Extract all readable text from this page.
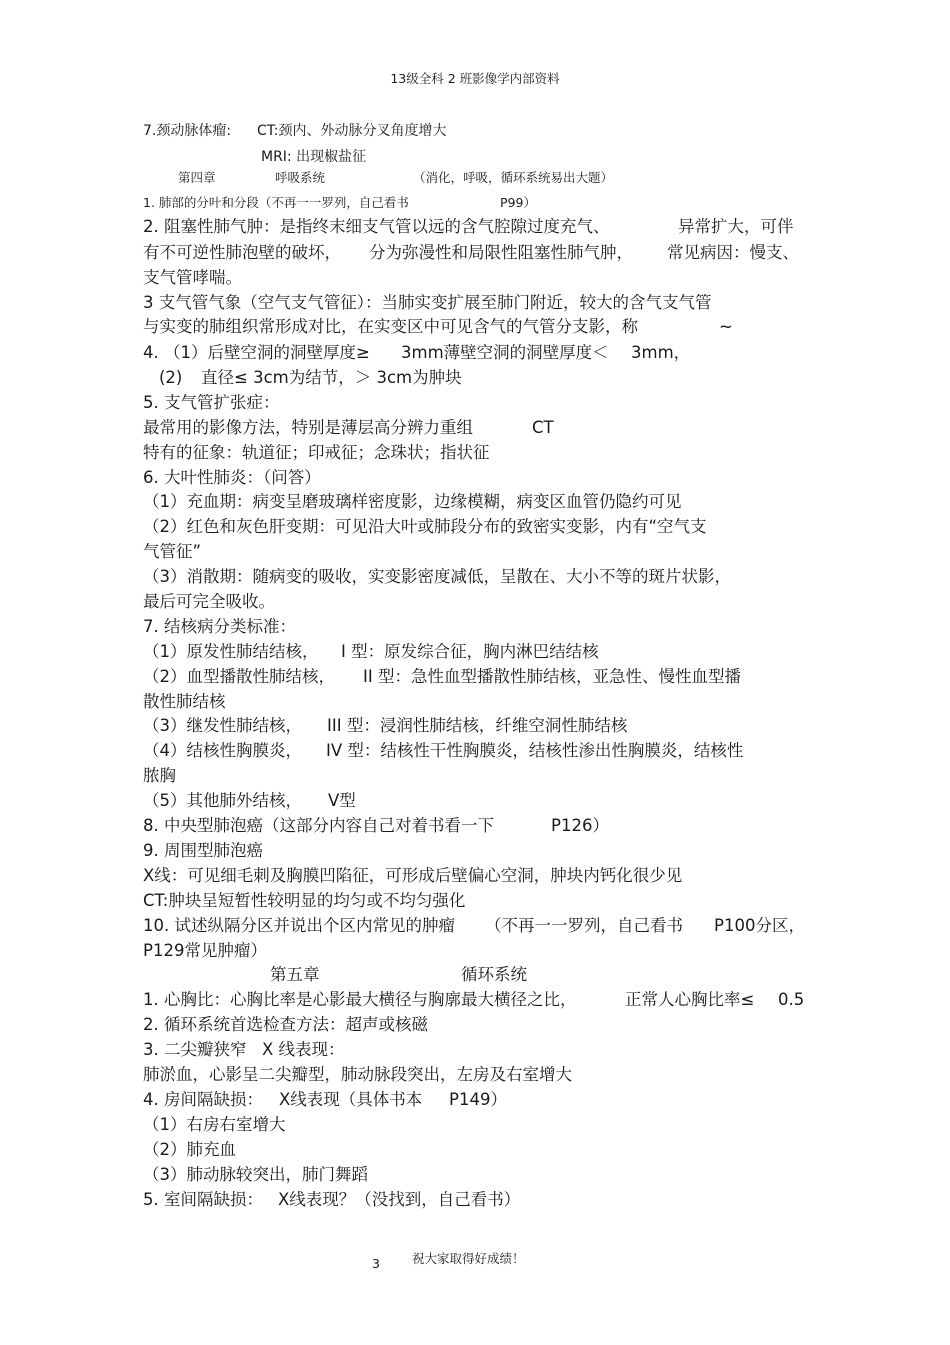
13级全科 2 班影像学内部资料
7.颈动脉体瘤: CT:颈内、外动脉分叉角度增大
MRI: 出现椒盐征
第四章	呼吸系统	（消化，呼吸，循环系统易出大题）
1. 肺部的分叶和分段（不再一一罗列，自己看书	P99）
2. 阻塞性肺气肿：是指终末细支气管以远的含气腔隙过度充气、	异常扩大，可伴
有不可逆性肺泡壁的破坏， 分为弥漫性和局限性阻塞性肺气肿， 常见病因：慢支、
支气管哮喘。
3 支气管气象（空气支气管征）：当肺实变扩展至肺门附近，较大的含气支气管
与实变的肺组织常形成对比，在实变区中可见含气的气管分支影，称	~
4. （1）后壁空洞的洞壁厚度≥ 3mm薄壁空洞的洞壁厚度＜ 3mm，
(2) 直径≤ 3cm为结节，＞ 3cm为肿块
5. 支气管扩张症：
最常用的影像方法，特别是薄层高分辨力重组	CT
特有的征象：轨道征；印戒征；念珠状；指状征
6. 大叶性肺炎：（问答）
（1）充血期：病变呈磨玻璃样密度影，边缘模糊，病变区血管仍隐约可见
（2）红色和灰色肝变期：可见沿大叶或肺段分布的致密实变影，内有“空气支
气管征”
（3）消散期：随病变的吸收，实变影密度减低，呈散在、大小不等的斑片状影，
最后可完全吸收。
7. 结核病分类标准：
（1）原发性肺结结核， I 型：原发综合征，胸内淋巴结结核
（2）血型播散性肺结核， II 型：急性血型播散性肺结核，亚急性、慢性血型播
散性肺结核
（3）继发性肺结核， III 型：浸润性肺结核，纤维空洞性肺结核
（4）结核性胸膜炎， IV 型：结核性干性胸膜炎，结核性渗出性胸膜炎，结核性
脓胸
（5）其他肺外结核， V型
8. 中央型肺泡癌（这部分内容自己对着书看一下	P126）
9. 周围型肺泡癌
X线：可见细毛刺及胸膜凹陷征，可形成后壁偏心空洞，肿块内钙化很少见
CT:肿块呈短暂性较明显的均匀或不均匀强化
10. 试述纵隔分区并说出个区内常见的肿瘤 （不再一一罗列，自己看书 P100分区，
P129常见肿瘤）
第五章	循环系统
1. 心胸比：心胸比率是心影最大横径与胸廓最大横径之比，	正常人心胸比率≤ 0.5
2. 循环系统首选检查方法：超声或核磁
3. 二尖瓣狭窄 X 线表现：
肺淤血，心影呈二尖瓣型，肺动脉段突出，左房及右室增大
4. 房间隔缺损： X线表现（具体书本 P149）
（1）右房右室增大
（2）肺充血
（3）肺动脉较突出，肺门舞蹈
5. 室间隔缺损： X线表现？（没找到，自己看书）
3	祝大家取得好成绩！
